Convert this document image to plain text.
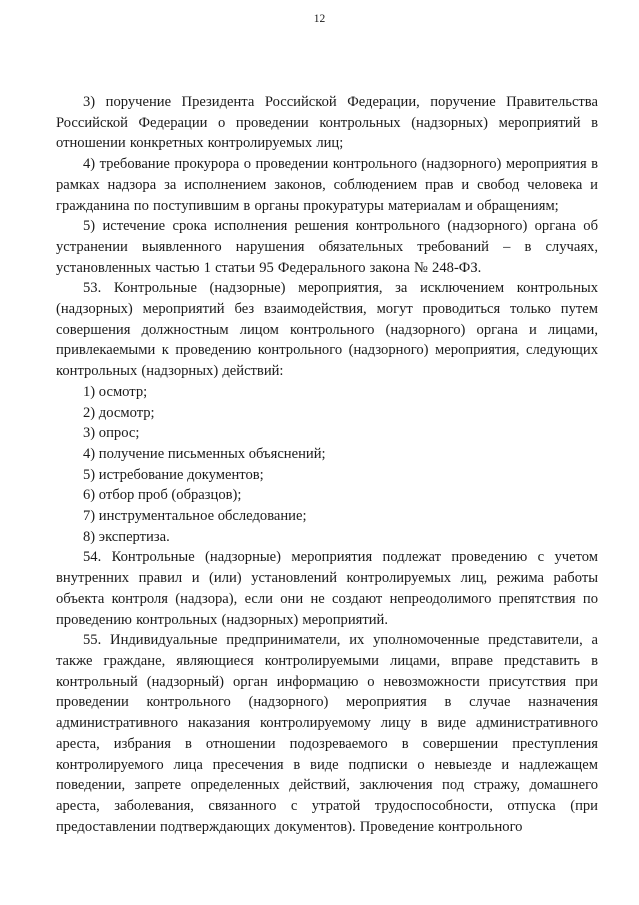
12

3) поручение Президента Российской Федерации, поручение Правительства Российской Федерации о проведении контрольных (надзорных) мероприятий в отношении конкретных контролируемых лиц;

4) требование прокурора о проведении контрольного (надзорного) мероприятия в рамках надзора за исполнением законов, соблюдением прав и свобод человека и гражданина по поступившим в органы прокуратуры материалам и обращениям;

5) истечение срока исполнения решения контрольного (надзорного) органа об устранении выявленного нарушения обязательных требований – в случаях, установленных частью 1 статьи 95 Федерального закона № 248-ФЗ.

53. Контрольные (надзорные) мероприятия, за исключением контрольных (надзорных) мероприятий без взаимодействия, могут проводиться только путем совершения должностным лицом контрольного (надзорного) органа и лицами, привлекаемыми к проведению контрольного (надзорного) мероприятия, следующих контрольных (надзорных) действий:

1) осмотр;

2) досмотр;

3) опрос;

4) получение письменных объяснений;

5) истребование документов;

6) отбор проб (образцов);

7) инструментальное обследование;

8) экспертиза.

54. Контрольные (надзорные) мероприятия подлежат проведению с учетом внутренних правил и (или) установлений контролируемых лиц, режима работы объекта контроля (надзора), если они не создают непреодолимого препятствия по проведению контрольных (надзорных) мероприятий.

55. Индивидуальные предприниматели, их уполномоченные представители, а также граждане, являющиеся контролируемыми лицами, вправе представить в контрольный (надзорный) орган информацию о невозможности присутствия при проведении контрольного (надзорного) мероприятия в случае назначения административного наказания контролируемому лицу в виде административного ареста, избрания в отношении подозреваемого в совершении преступления контролируемого лица пресечения в виде подписки о невыезде и надлежащем поведении, запрете определенных действий, заключения под стражу, домашнего ареста, заболевания, связанного с утратой трудоспособности, отпуска (при предоставлении подтверждающих документов). Проведение контрольного
